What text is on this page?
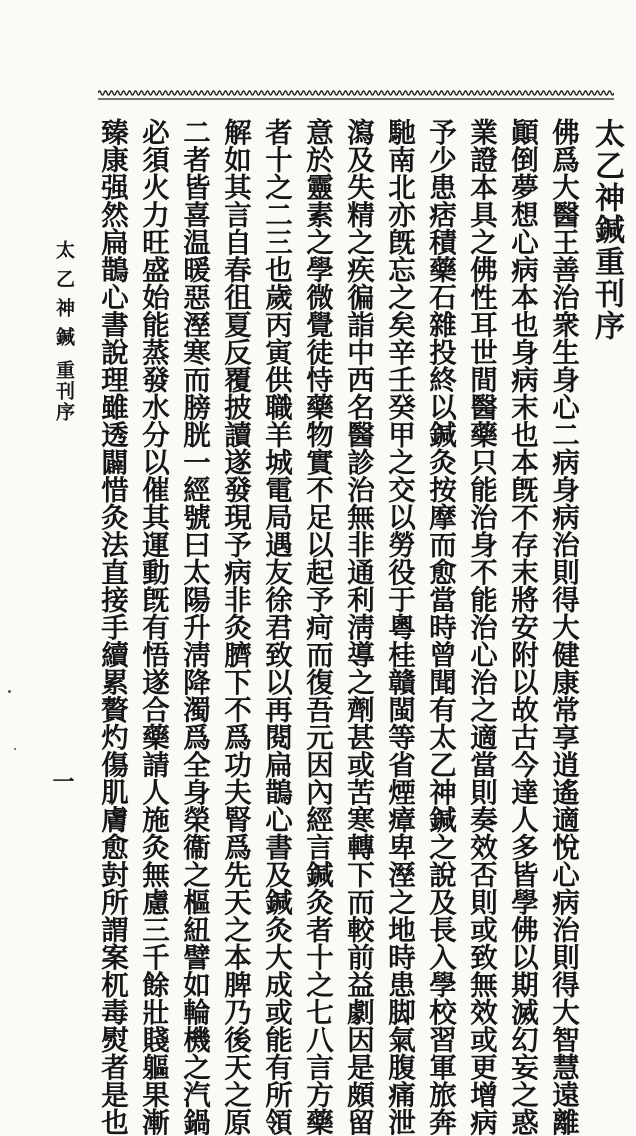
太乙神鍼重刊序
佛爲大醫王善治衆生身心二病身病治則得大健康常享逍遙適悅心病治則得大智慧遠離
顚倒夢想心病本也身病末也本旣不存末將安附以故古今達人多皆學佛以期滅幻妄之惑
業證本具之佛性耳世間醫藥只能治身不能治心治之適當則奏效否則或致無效或更增病
予少患痞積藥石雜投終以鍼灸按摩而愈當時曾聞有太乙神鍼之說及長入學校習軍旅奔
馳南北亦旣忘之矣辛壬癸甲之交以勞役于粵桂贛閩等省煙瘴卑溼之地時患脚氣腹痛泄
瀉及失精之疾徧詣中西名醫診治無非通利淸導之劑甚或苦寒轉下而較前益劇因是頗留
意於靈素之學微覺徒恃藥物實不足以起予疴而復吾元因內經言鍼灸者十之七八言方藥
者十之二三也歲丙寅供職羊城電局遇友徐君致以再閱扁鵲心書及鍼灸大成或能有所領
解如其言自春徂夏反覆披讀遂發現予病非灸臍下不爲功夫腎爲先天之本脾乃後天之原
二者皆喜温暖惡溼寒而膀胱一經號曰太陽升淸降濁爲全身榮衞之樞紐譬如輪機之汽鍋
必須火力旺盛始能蒸發水分以催其運動旣有悟遂合藥請人施灸無慮三千餘壯賤軀果漸
臻康强然扁鵲心書說理雖透闢惜灸法直接手續累贅灼傷肌膚愈尌所謂案杌毒熨者是也
太乙神鍼
重刊序
一
